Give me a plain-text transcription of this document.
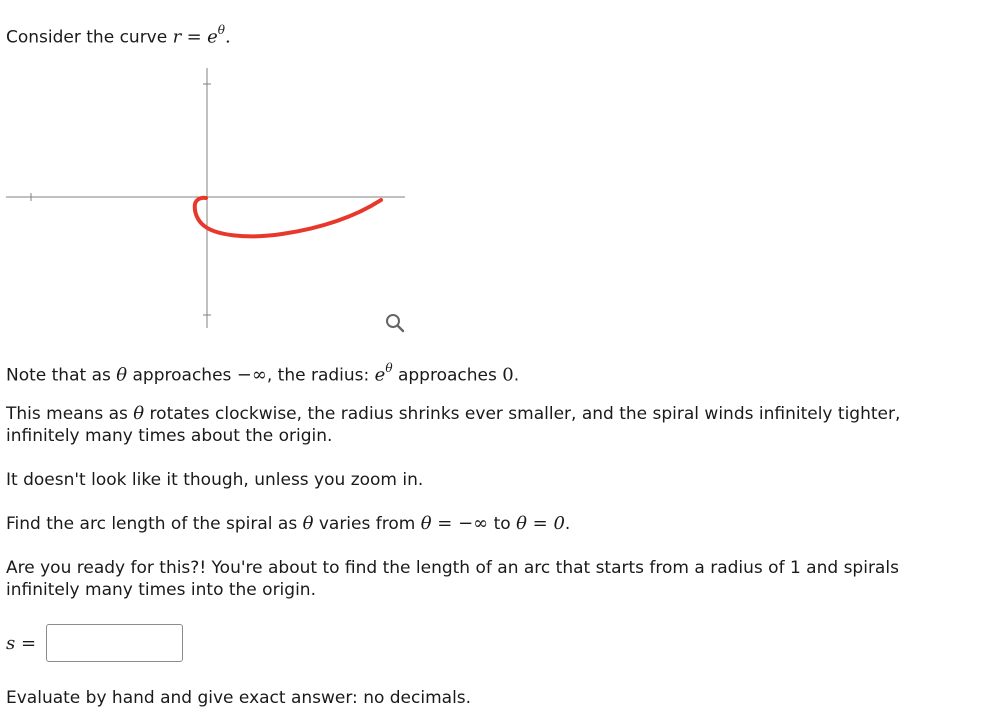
Consider the curve $r = e^\theta$.
Note that as θ approaches −∞, the radius: $e^\theta$ approaches 0.
This means as θ rotates clockwise, the radius shrinks ever smaller, and the spiral winds infinitely tighter, infinitely many times about the origin.
It doesn't look like it though, unless you zoom in.
Find the arc length of the spiral as θ varies from θ = −∞ to θ = 0.
Are you ready for this?! You're about to find the length of an arc that starts from a radius of 1 and spirals infinitely many times into the origin.
s =
Evaluate by hand and give exact answer: no decimals.
